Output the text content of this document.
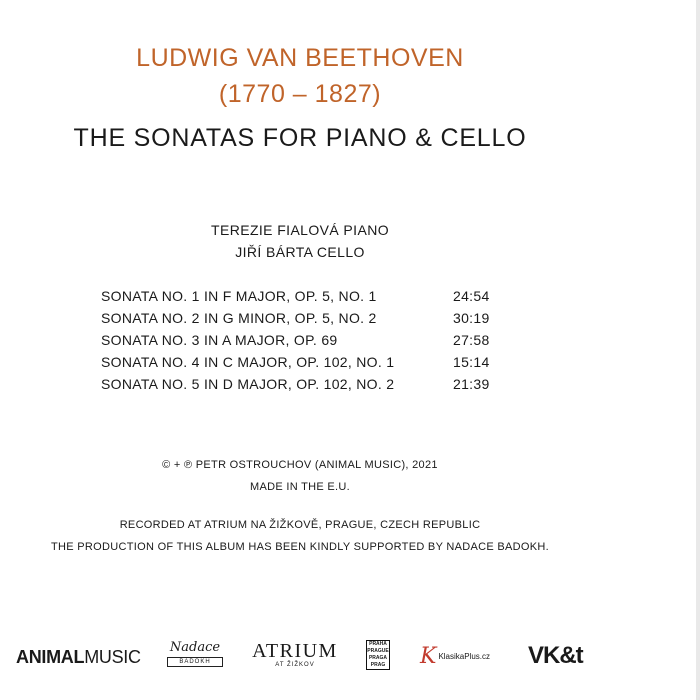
LUDWIG VAN BEETHOVEN
(1770 – 1827)
THE SONATAS FOR PIANO & CELLO
TEREZIE FIALOVÁ PIANO
JIŘÍ BÁRTA CELLO
SONATA NO. 1 IN F MAJOR, OP. 5, NO. 1	24:54
SONATA NO. 2 IN G MINOR, OP. 5, NO. 2	30:19
SONATA NO. 3 IN A MAJOR, OP. 69	27:58
SONATA NO. 4 IN C MAJOR, OP. 102, NO. 1	15:14
SONATA NO. 5 IN D MAJOR, OP. 102, NO. 2	21:39
© + ℗ PETR OSTROUCHOV (ANIMAL MUSIC), 2021
MADE IN THE E.U.
RECORDED AT ATRIUM NA ŽIŽKOVĚ, PRAGUE, CZECH REPUBLIC
THE PRODUCTION OF THIS ALBUM HAS BEEN KINDLY SUPPORTED BY NADACE BADOKH.
ANIMALMUSIC Nadace
BADOKH	ATRIUM
AT ŽIŽKOV
PRAHA
PRAGUE
PRAGA
PRAG K KlasikaPlus.cz VK&t
